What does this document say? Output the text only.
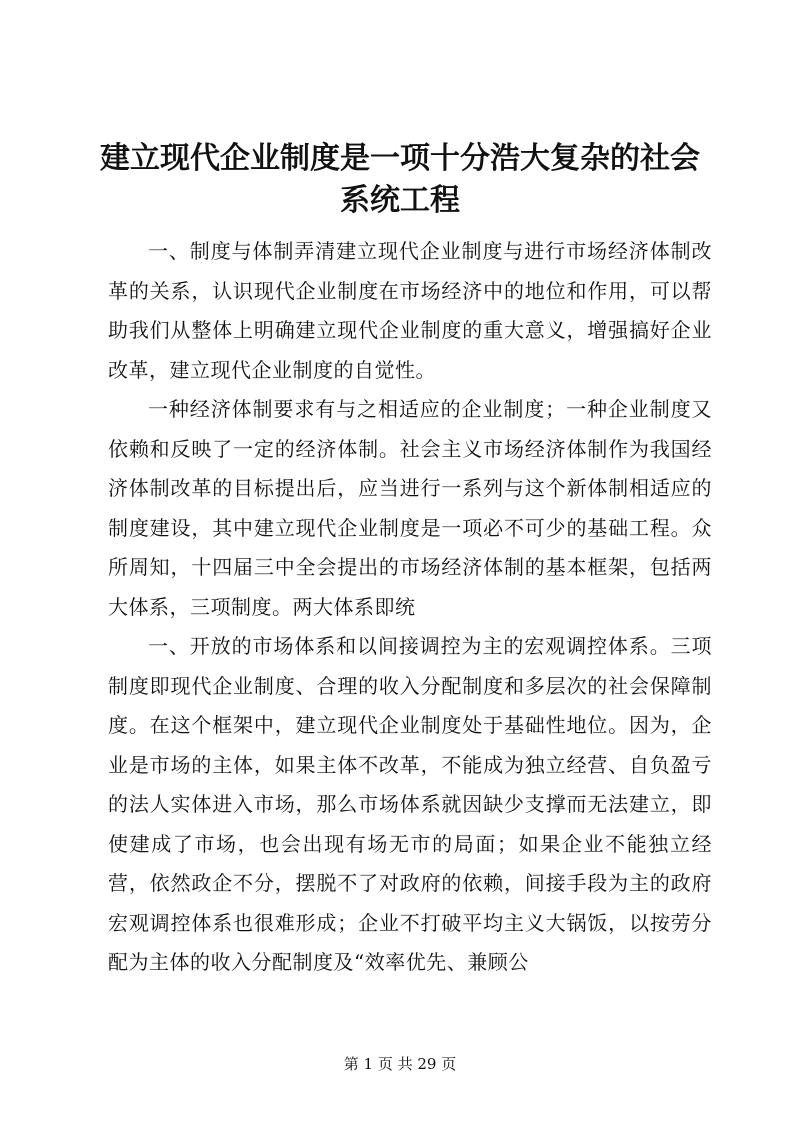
建立现代企业制度是一项十分浩大复杂的社会
系统工程

一、制度与体制弄清建立现代企业制度与进行市场经济体制改革的关系，认识现代企业制度在市场经济中的地位和作用，可以帮助我们从整体上明确建立现代企业制度的重大意义，增强搞好企业改革，建立现代企业制度的自觉性。

一种经济体制要求有与之相适应的企业制度；一种企业制度又依赖和反映了一定的经济体制。社会主义市场经济体制作为我国经济体制改革的目标提出后，应当进行一系列与这个新体制相适应的制度建设，其中建立现代企业制度是一项必不可少的基础工程。众所周知，十四届三中全会提出的市场经济体制的基本框架，包括两大体系，三项制度。两大体系即统

一、开放的市场体系和以间接调控为主的宏观调控体系。三项制度即现代企业制度、合理的收入分配制度和多层次的社会保障制度。在这个框架中，建立现代企业制度处于基础性地位。因为，企业是市场的主体，如果主体不改革，不能成为独立经营、自负盈亏的法人实体进入市场，那么市场体系就因缺少支撑而无法建立，即使建成了市场，也会出现有场无市的局面；如果企业不能独立经营，依然政企不分，摆脱不了对政府的依赖，间接手段为主的政府宏观调控体系也很难形成；企业不打破平均主义大锅饭，以按劳分配为主体的收入分配制度及“效率优先、兼顾公

第 1 页 共 29 页
